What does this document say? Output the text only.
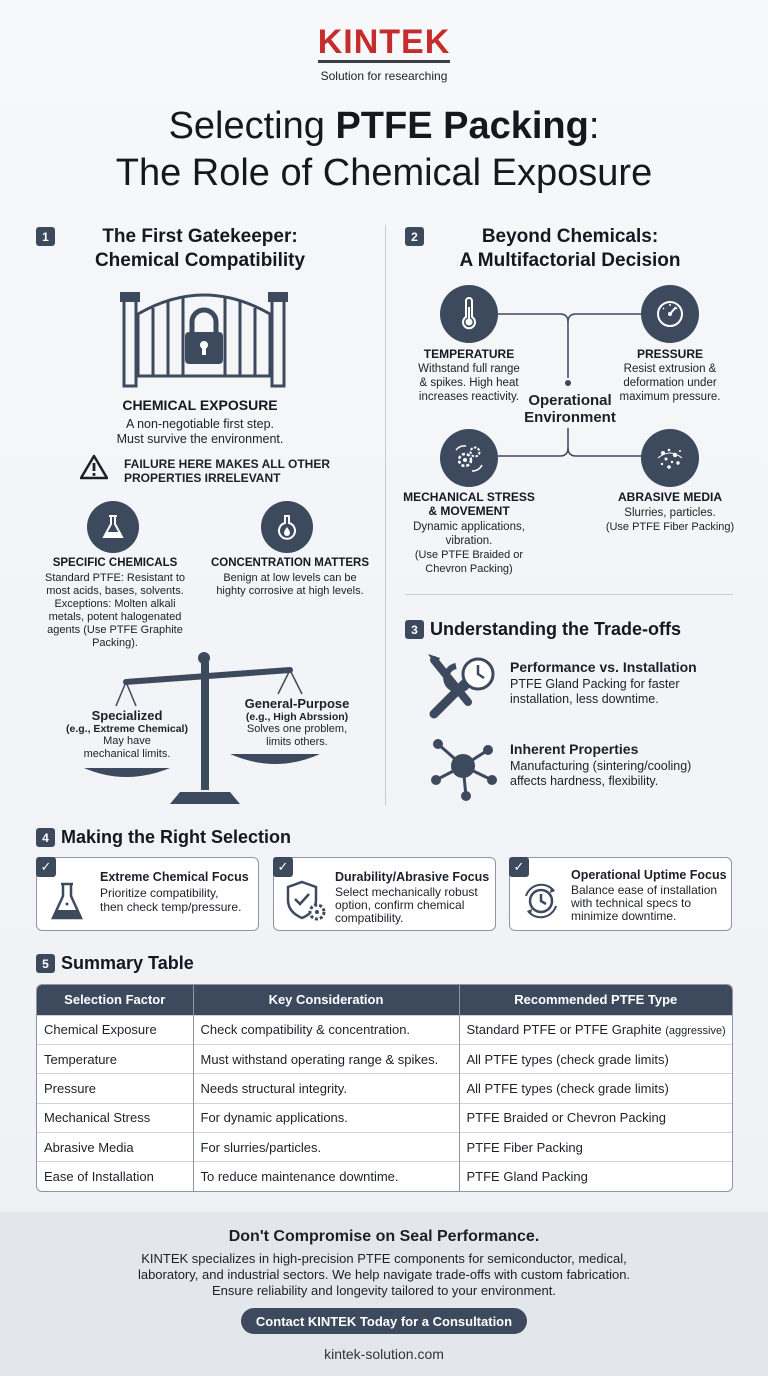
KINTEK
Solution for researching
Selecting PTFE Packing:
The Role of Chemical Exposure
1	The First Gatekeeper:
Chemical Compatibility
CHEMICAL EXPOSURE
A non-negotiable first step.
Must survive the environment.
FAILURE HERE MAKES ALL OTHER
PROPERTIES IRRELEVANT
SPECIFIC CHEMICALS
Standard PTFE: Resistant to
most acids, bases, solvents.
Exceptions: Molten alkali
metals, potent halogenated
agents (Use PTFE Graphite
Packing).
CONCENTRATION MATTERS
Benign at low levels can be
highty corrosive at high levels.
Specialized
(e.g., Extreme Chemical)
May have
mechanical limits.
General-Purpose
(e.g., High Abrssion)
Solves one problem,
limits others.
2	Beyond Chemicals:
A Multifactorial Decision
TEMPERATURE
Withstand full range
& spikes. High heat
increases reactivity.
PRESSURE
Resist extrusion &
deformation under
maximum pressure.
Operational
Environment
MECHANICAL STRESS
& MOVEMENT
Dynamic applications,
vibration.
(Use PTFE Braided or
Chevron Packing)
ABRASIVE MEDIA
Slurries, particles.
(Use PTFE Fiber Packing)
3 Understanding the Trade-offs
Performance vs. Installation
PTFE Gland Packing for faster
installation, less downtime.
Inherent Properties
Manufacturing (sintering/cooling)
affects hardness, flexibility.
4 Making the Right Selection
✓
Extreme Chemical Focus
Prioritize compatibility,
then check temp/pressure.
✓
Durability/Abrasive Focus
Select mechanically robust
option, confirm chemical
compatibility.
✓
Operational Uptime Focus
Balance ease of installation
with technical specs to
minimize downtime.
5 Summary Table
Selection Factor	Key Consideration	Recommended PTFE Type
Chemical Exposure	Check compatibility & concentration.	Standard PTFE or PTFE Graphite (aggressive)
Temperature	Must withstand operating range & spikes.	All PTFE types (check grade limits)
Pressure	Needs structural integrity.	All PTFE types (check grade limits)
Mechanical Stress	For dynamic applications.	PTFE Braided or Chevron Packing
Abrasive Media	For slurries/particles.	PTFE Fiber Packing
Ease of Installation	To reduce maintenance downtime.	PTFE Gland Packing
Don't Compromise on Seal Performance.
KINTEK specializes in high-precision PTFE components for semiconductor, medical,
laboratory, and industrial sectors. We help navigate trade-offs with custom fabrication.
Ensure reliability and longevity tailored to your environment.
Contact KINTEK Today for a Consultation
kintek-solution.com
